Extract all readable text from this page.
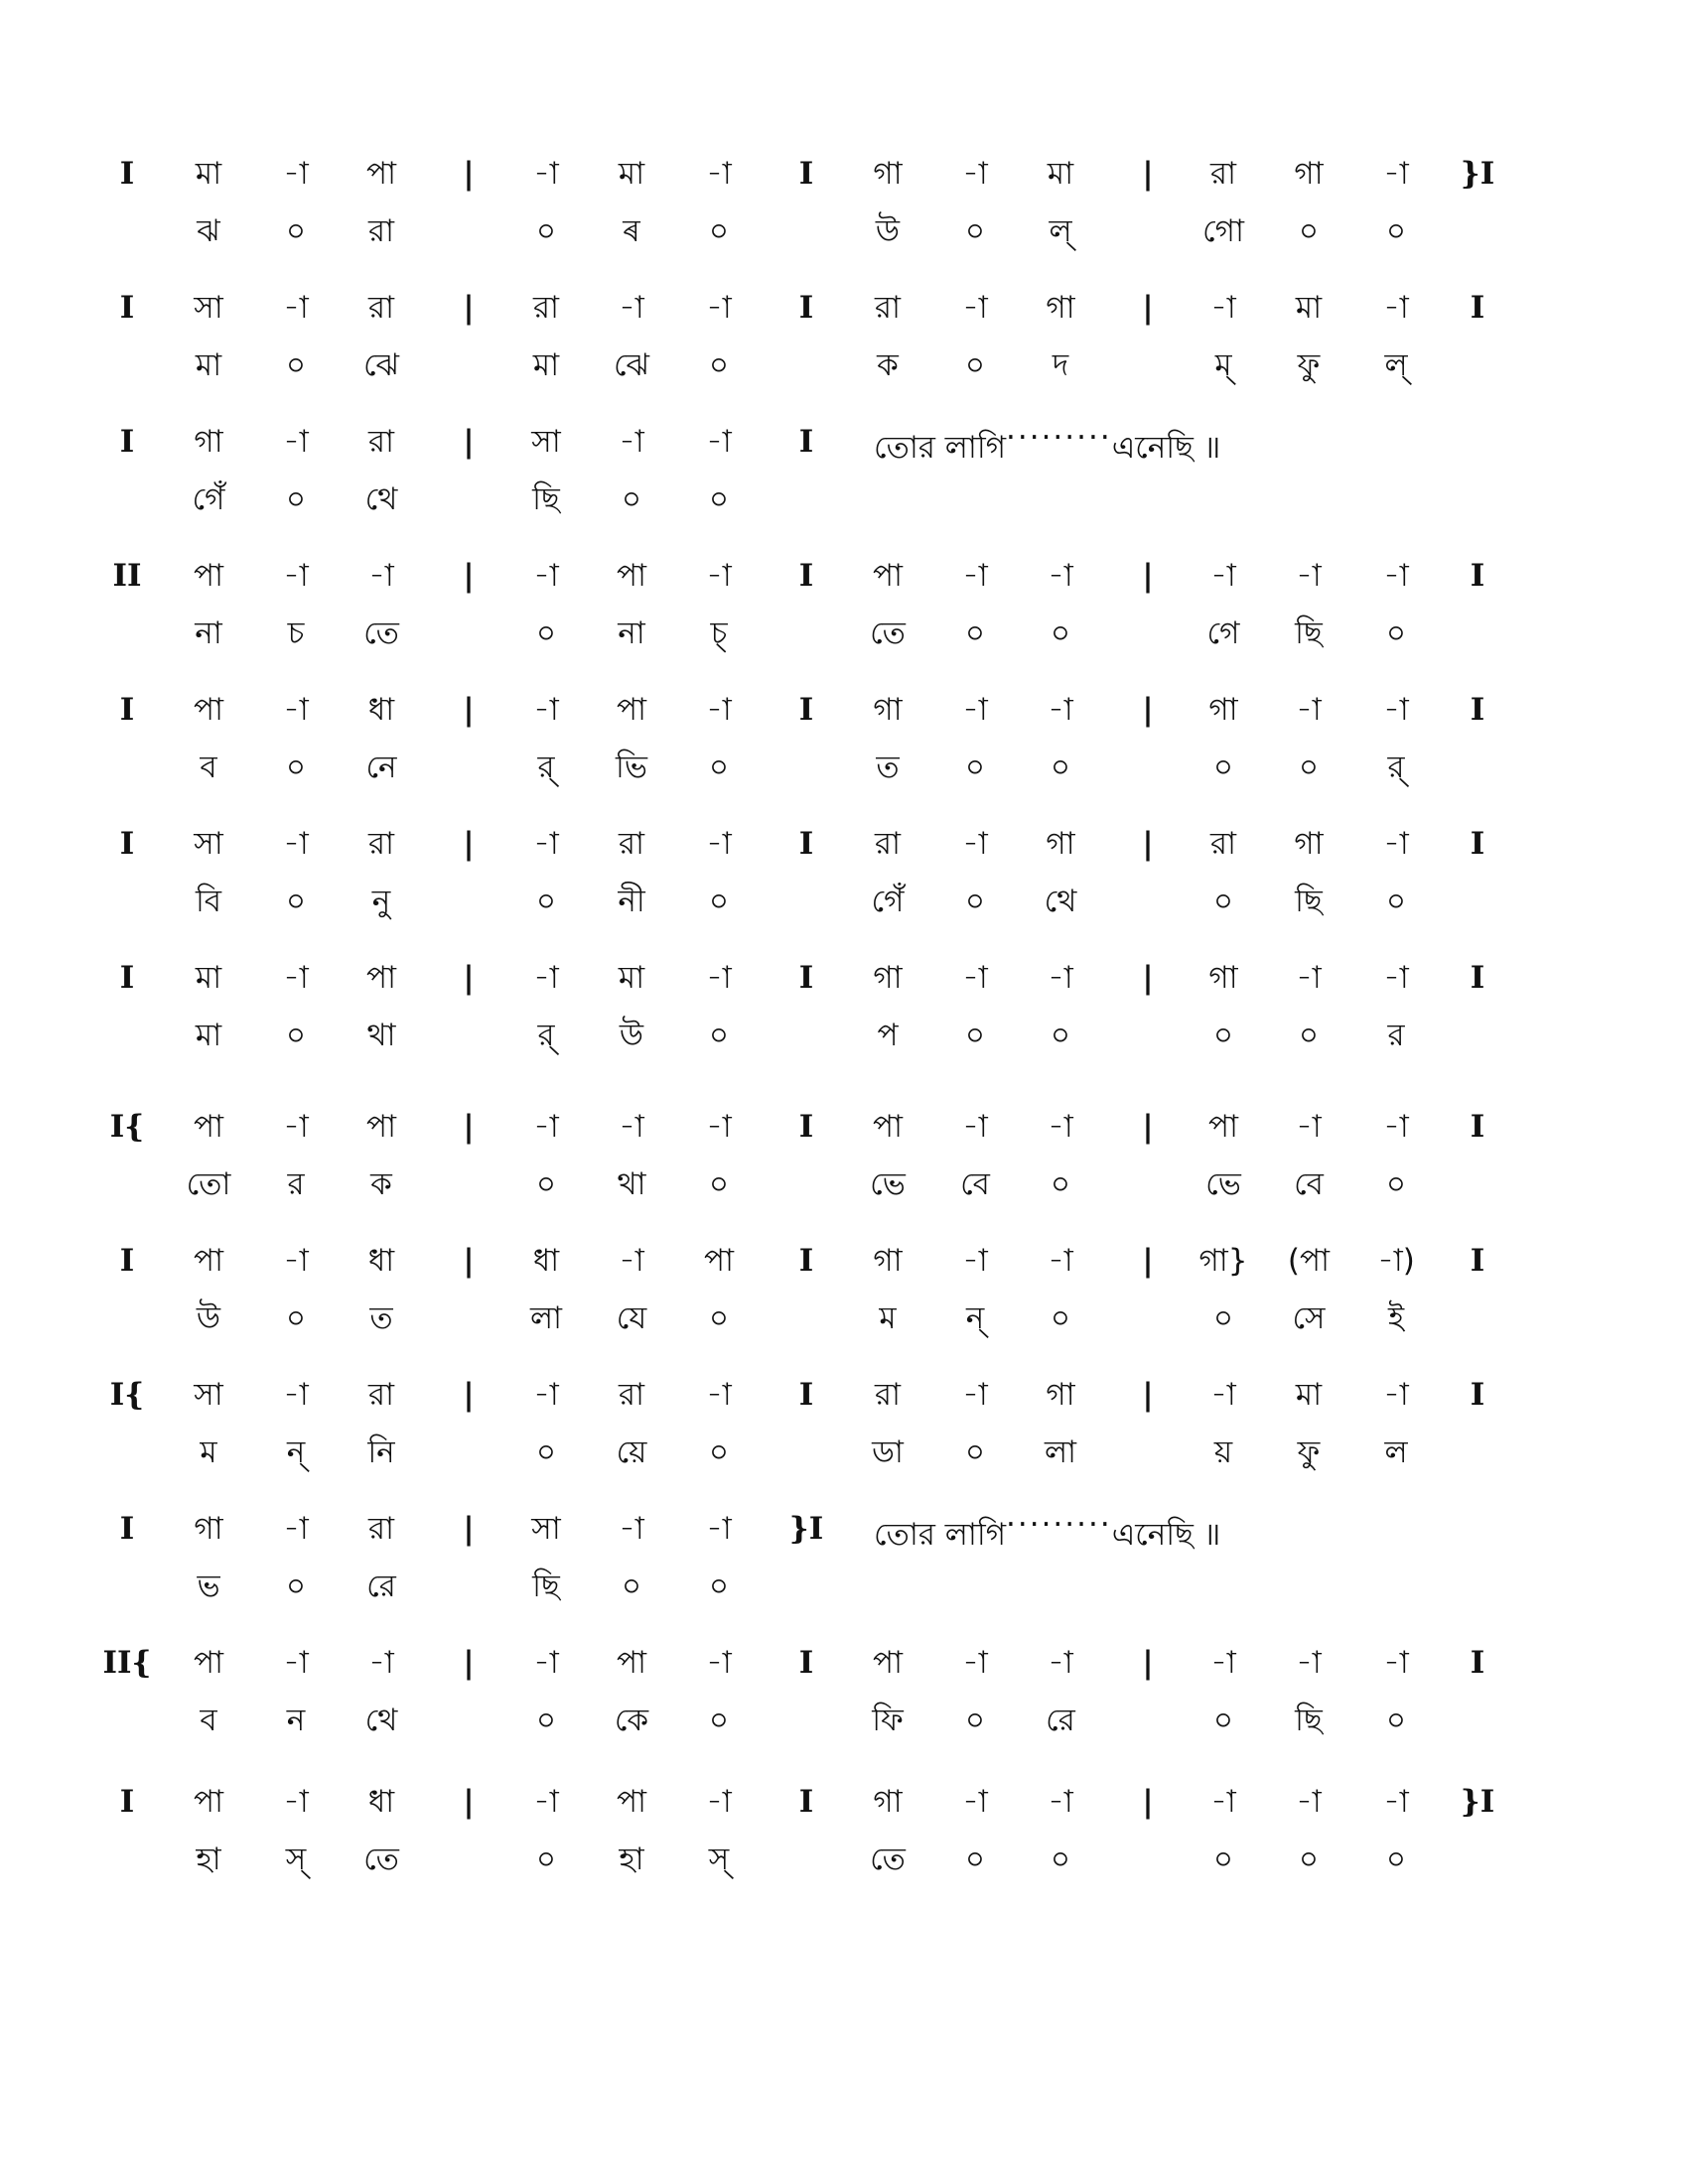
I	মা	-া	পা	|	-া	মা	-া	I	গা	-া	মা	|	রা	গা	-া	}I
ঝ	০	রা	০	ৰ	০	উ	০	ল্	গো	০	০
I	সা	-া	রা	|	রা	-া	-া	I	রা	-া	গা	|	-া	মা	-া	I
মা	০	ঝে	মা	ঝে	০	ক	০	দ	ম্	ফু	ল্
I	গা	-া	রা	|	সা	-া	-া	I
গেঁ	০	থে	ছি	০	০
তোর লাগি·········এনেছি ॥
II	পা	-া	-া	|	-া	পা	-া	I	পা	-া	-া	|	-া	-া	-া	I
না	চ	তে	০	না	চ্	তে	০	০	গে	ছি	০
I	পা	-া	ধা	|	-া	পা	-া	I	গা	-া	-া	|	গা	-া	-া	I
ব	০	নে	র্	ভি	০	ত	০	০	০	০	র্
I	সা	-া	রা	|	-া	রা	-া	I	রা	-া	গা	|	রা	গা	-া	I
বি	০	নু	০	নী	০	গেঁ	০	থে	০	ছি	০
I	মা	-া	পা	|	-া	মা	-া	I	গা	-া	-া	|	গা	-া	-া	I
মা	০	থা	র্	উ	০	প	০	০	০	০	র
I{	পা	-া	পা	|	-া	-া	-া	I	পা	-া	-া	|	পা	-া	-া	I
তো	র	ক	০	থা	০	ভে	বে	০	ভে	বে	০
I	পা	-া	ধা	|	ধা	-া	পা	I	গা	-া	-া	|	গা}	(পা	-া)	I
উ	০	ত	লা	যে	০	ম	ন্	০	০	সে	ই
I{	সা	-া	রা	|	-া	রা	-া	I	রা	-া	গা	|	-া	মা	-া	I
ম	ন্	নি	০	য়ে	০	ডা	০	লা	য়	ফু	ল
I	গা	-া	রা	|	সা	-া	-া	}I
ভ	০	রে	ছি	০	০
তোর লাগি·········এনেছি ॥
II{	পা	-া	-া	|	-া	পা	-া	I	পা	-া	-া	|	-া	-া	-া	I
ব	ন	থে	০	কে	০	ফি	০	রে	০	ছি	০
I	পা	-া	ধা	|	-া	পা	-া	I	গা	-া	-া	|	-া	-া	-া	}I
হা	স্	তে	০	হা	স্	তে	০	০	০	০	০
